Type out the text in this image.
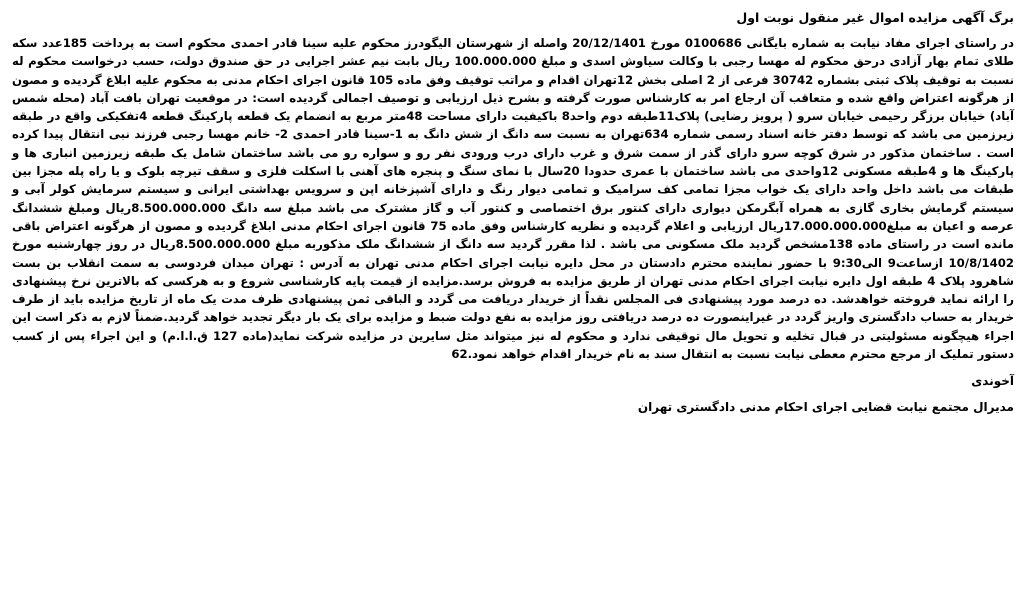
برگ آگهی مزایده اموال غیر منقول نوبت اول
در راستای اجرای مفاد نیابت به شماره بایگانی 0100686 مورخ 20/12/1401 واصله از شهرستان الیگودرز محکوم علیه سینا قادر احمدی محکوم است به پرداخت 185عدد سکه طلای تمام بهار آزادی درحق محکوم له مهسا رجبی با وکالت سیاوش اسدی و مبلغ 100.000.000 ریال بابت نیم عشر اجرایی در حق صندوق دولت، حسب درخواست محکوم له نسبت به توقیف پلاک ثبتی بشماره 30742 فرعی از 2 اصلی بخش 12تهران اقدام و مراتب توقیف وفق ماده 105 قانون اجرای احکام مدنی به محکوم علیه ابلاغ گردیده و مصون از هرگونه اعتراض واقع شده و متعاقب آن ارجاع امر به کارشناس صورت گرفته و بشرح ذیل ارزیابی و توصیف اجمالی گردیده است: در موقعیت تهران بافت آباد (محله شمس آباد) خیابان برزگر رحیمی خیابان سرو ( پرویز رضایی) پلاک11طبقه دوم واحد8 باکیفیت دارای مساحت 48متر مربع به انضمام یک قطعه پارکینگ قطعه 4تفکیکی واقع در طبقه زیرزمین می باشد که توسط دفتر خانه اسناد رسمی شماره 634تهران به نسبت سه دانگ از شش دانگ به 1-سینا قادر احمدی 2- خانم مهسا رجبی فرزند نبی انتقال پیدا کرده است . ساختمان مذکور در شرق کوچه سرو دارای گذر از سمت شرق و غرب دارای درب ورودی نفر رو و سواره رو می باشد ساختمان شامل یک طبقه زیرزمین انباری ها و پارکینگ ها و 4طبقه مسکونی 12واحدی می باشد ساختمان با عمری حدودا 20سال با نمای سنگ و پنجره های آهنی با اسکلت فلزی و سقف تیرچه بلوک و یا راه پله مجزا بین طبقات می باشد داخل واحد دارای یک خواب مجزا تمامی کف سرامیک و تمامی دیوار رنگ و دارای آشپزخانه اپن و سرویس بهداشتی ایرانی و سیستم سرمایش کولر آبی و سیستم گرمایش بخاری گازی به همراه آبگرمکن دیواری دارای کنتور برق اختصاصی و کنتور آب و گاز مشترک می باشد مبلغ سه دانگ 8.500.000.000ریال ومبلغ ششدانگ عرصه و اعیان به مبلغ17.000.000.000ریال ارزیابی و اعلام گردیده و نظریه کارشناس وفق ماده 75 قانون اجرای احکام مدنی ابلاغ گردیده و مصون از هرگونه اعتراض باقی مانده است در راستای ماده 138مشخص گردید ملک مسکونی می باشد . لذا مقرر گردید سه دانگ از ششدانگ ملک مذکوربه مبلغ 8.500.000.000ریال در روز چهارشنبه مورخ 10/8/1402 ازساعت9 الی9:30 با حضور نماینده محترم دادستان در محل دایره نیابت اجرای احکام مدنی تهران به آدرس : تهران میدان فردوسی به سمت انقلاب بن بست شاهرود پلاک 4 طبقه اول دایره نیابت اجرای احکام مدنی تهران از طریق مزایده به فروش برسد.مزایده از قیمت پایه کارشناسی شروع و به هرکسی که بالاترین نرخ پیشنهادی را ارائه نماید فروخته خواهدشد. ده درصد مورد پیشنهادی فی المجلس نقداً از خریدار دریافت می گردد و الباقی ثمن پیشنهادی ظرف مدت یک ماه از تاریخ مزایده باید از طرف خریدار به حساب دادگستری واریز گردد در غیراینصورت ده درصد دریافتی روز مزایده به نفع دولت ضبط و مزایده برای یک بار دیگر تجدید خواهد گردید.ضمناً لازم به ذکر است این اجراء هیچگونه مسئولیتی در قبال تخلیه و تحویل مال توقیفی ندارد و محکوم له نیز میتواند مثل سایرین در مزایده شرکت نماید(ماده 127 ق.ا.ا.م) و این اجراء پس از کسب دستور تملیک از مرجع محترم معطی نیابت نسبت به انتقال سند به نام خریدار اقدام خواهد نمود.62
آخوندی
مدیرال مجتمع نیابت قضایی اجرای احکام مدنی دادگستری تهران
